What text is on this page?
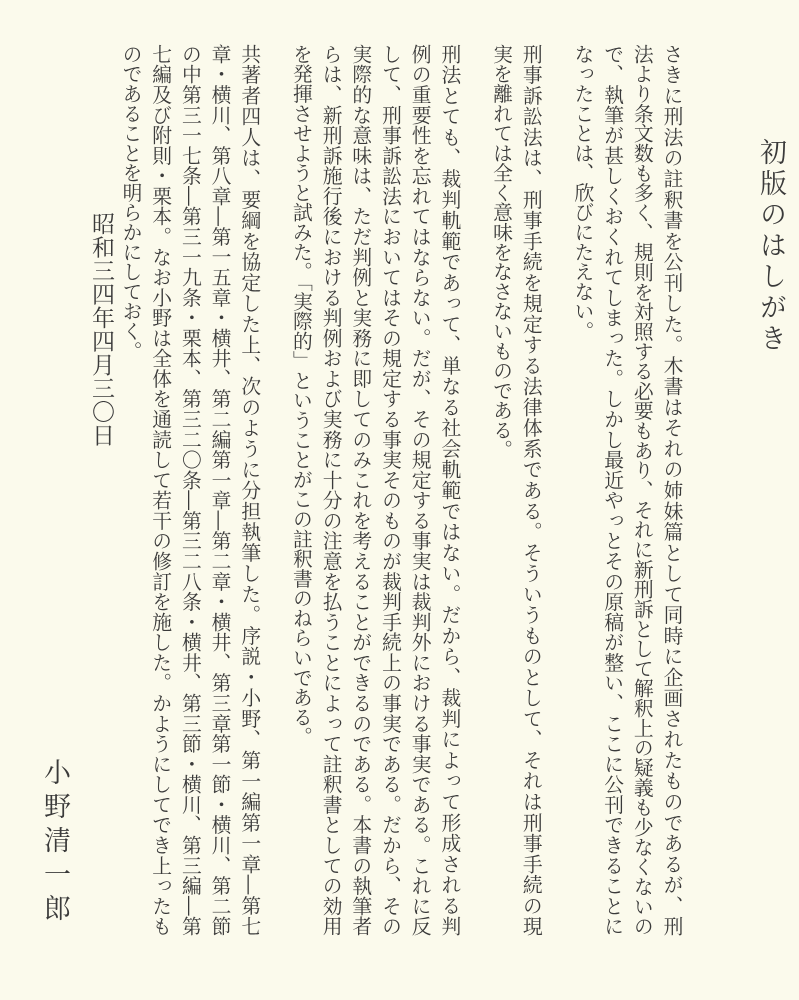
初版のはしがき
さきに刑法の註釈書を公刊した。木書はそれの姉妹篇として同時に企画されたものであるが、刑
法より条文数も多く、規則を対照する必要もあり、それに新刑訴として解釈上の疑義も少なくないの
で、執筆が甚しくおくれてしまった。しかし最近やっとその原稿が整い、ここに公刊できることに
なったことは、欣びにたえない。
刑事訴訟法は、刑事手続を規定する法律体系である。そういうものとして、それは刑事手続の現
実を離れては全く意味をなさないものである。
刑法とても、裁判軌範であって、単なる社会軌範ではない。だから、裁判によって形成される判
例の重要性を忘れてはならない。だが、その規定する事実は裁判外における事実である。これに反
して、刑事訴訟法においてはその規定する事実そのものが裁判手続上の事実である。だから、その
実際的な意味は、ただ判例と実務に即してのみこれを考えることができるのである。本書の執筆者
らは、新刑訴施行後における判例および実務に十分の注意を払うことによって註釈書としての効用
を発揮させようと試みた。「実際的」ということがこの註釈書のねらいである。
共著者四人は、要綱を協定した上、次のように分担執筆した。序説・小野、第一編第一章―第七
章・横川、第八章―第一五章・横井、第二編第一章―第二章・横井、第三章第一節・横川、第二節
の中第三一七条―第三一九条・栗本、第三二〇条―第三二八条・横井、第三節・横川、第三編―第
七編及び附則・栗本。なお小野は全体を通読して若干の修訂を施した。かようにしてでき上ったも
のであることを明らかにしておく。
昭和三四年四月三〇日
小野清一郎
